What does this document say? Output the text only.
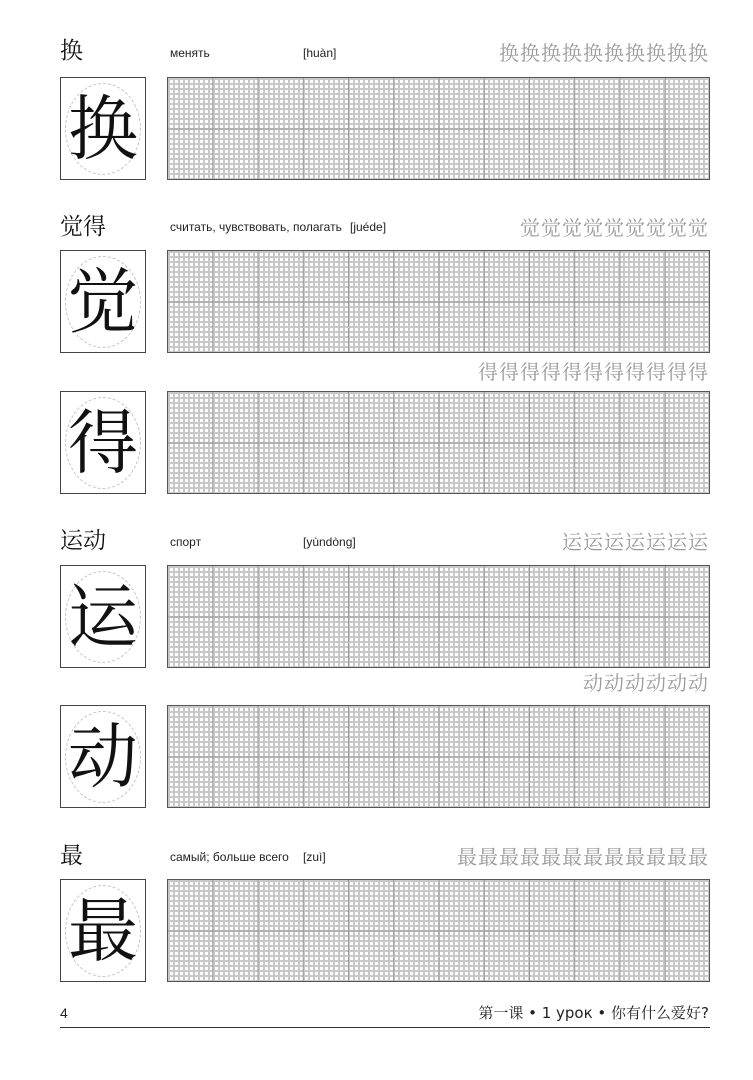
换	менять	[huàn]	换换换换换换换换换换
换
觉得	считать, чувствовать, полагать [juéde]	觉觉觉觉觉觉觉觉觉
觉
得得得得得得得得得得得
得
运动	спорт	[yùndòng]	运运运运运运运
运
动动动动动动
动
最	самый; больше всего [zuì]	最最最最最最最最最最最最
最
4	第一课 • 1 урок • 你有什么爱好?
